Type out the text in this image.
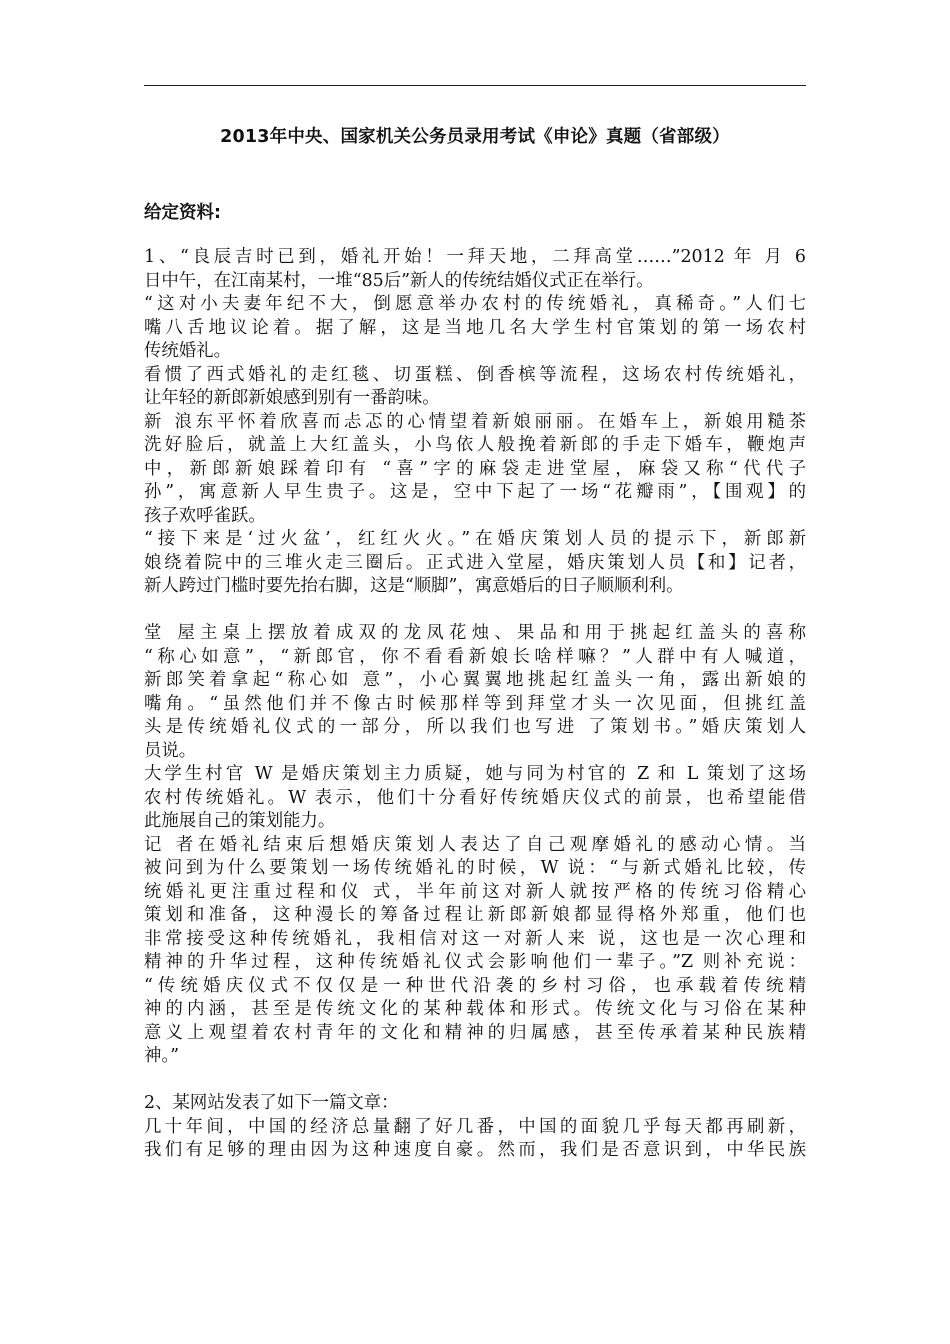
2013年中央、国家机关公务员录用考试《申论》真题（省部级）
给定资料:
1、“良辰吉时已到，婚礼开始！一拜天地，二拜高堂……”2012 年 月 6
日中午，在江南某村，一堆“85后”新人的传统结婚仪式正在举行。
“这对小夫妻年纪不大，倒愿意举办农村的传统婚礼，真稀奇。”人们七
嘴八舌地议论着。据了解，这是当地几名大学生村官策划的第一场农村
传统婚礼。
看惯了西式婚礼的走红毯、切蛋糕、倒香槟等流程，这场农村传统婚礼，
让年轻的新郎新娘感到别有一番韵味。
新 浪东平怀着欣喜而忐忑的心情望着新娘丽丽。在婚车上，新娘用糙茶
洗好脸后，就盖上大红盖头，小鸟依人般挽着新郎的手走下婚车，鞭炮声
中，新郎新娘踩着印有 “喜”字的麻袋走进堂屋，麻袋又称“代代子
孙”，寓意新人早生贵子。这是，空中下起了一场“花瓣雨”，【围观】的
孩子欢呼雀跃。
“接下来是‘过火盆’，红红火火。”在婚庆策划人员的提示下，新郎新
娘绕着院中的三堆火走三圈后。正式进入堂屋，婚庆策划人员【和】记者，
新人跨过门槛时要先抬右脚，这是“顺脚”，寓意婚后的日子顺顺利利。
堂 屋主桌上摆放着成双的龙凤花烛、果品和用于挑起红盖头的喜称
“称心如意”，“新郎官，你不看看新娘长啥样嘛？”人群中有人喊道，
新郎笑着拿起“称心如 意”，小心翼翼地挑起红盖头一角，露出新娘的
嘴角。“虽然他们并不像古时候那样等到拜堂才头一次见面，但挑红盖
头是传统婚礼仪式的一部分，所以我们也写进 了策划书。”婚庆策划人
员说。
大学生村官 W 是婚庆策划主力质疑，她与同为村官的 Z 和 L 策划了这场
农村传统婚礼。W 表示，他们十分看好传统婚庆仪式的前景，也希望能借
此施展自己的策划能力。
记 者在婚礼结束后想婚庆策划人表达了自己观摩婚礼的感动心情。当
被问到为什么要策划一场传统婚礼的时候，W 说：“与新式婚礼比较，传
统婚礼更注重过程和仪 式，半年前这对新人就按严格的传统习俗精心
策划和准备，这种漫长的筹备过程让新郎新娘都显得格外郑重，他们也
非常接受这种传统婚礼，我相信对这一对新人来 说，这也是一次心理和
精神的升华过程，这种传统婚礼仪式会影响他们一辈子。”Z 则补充说：
“传统婚庆仪式不仅仅是一种世代沿袭的乡村习俗，也承载着传统精
神的内涵，甚至是传统文化的某种载体和形式。传统文化与习俗在某种
意义上观望着农村青年的文化和精神的归属感，甚至传承着某种民族精
神。”
2、某网站发表了如下一篇文章：
几十年间，中国的经济总量翻了好几番，中国的面貌几乎每天都再刷新，
我们有足够的理由因为这种速度自豪。然而，我们是否意识到，中华民族
